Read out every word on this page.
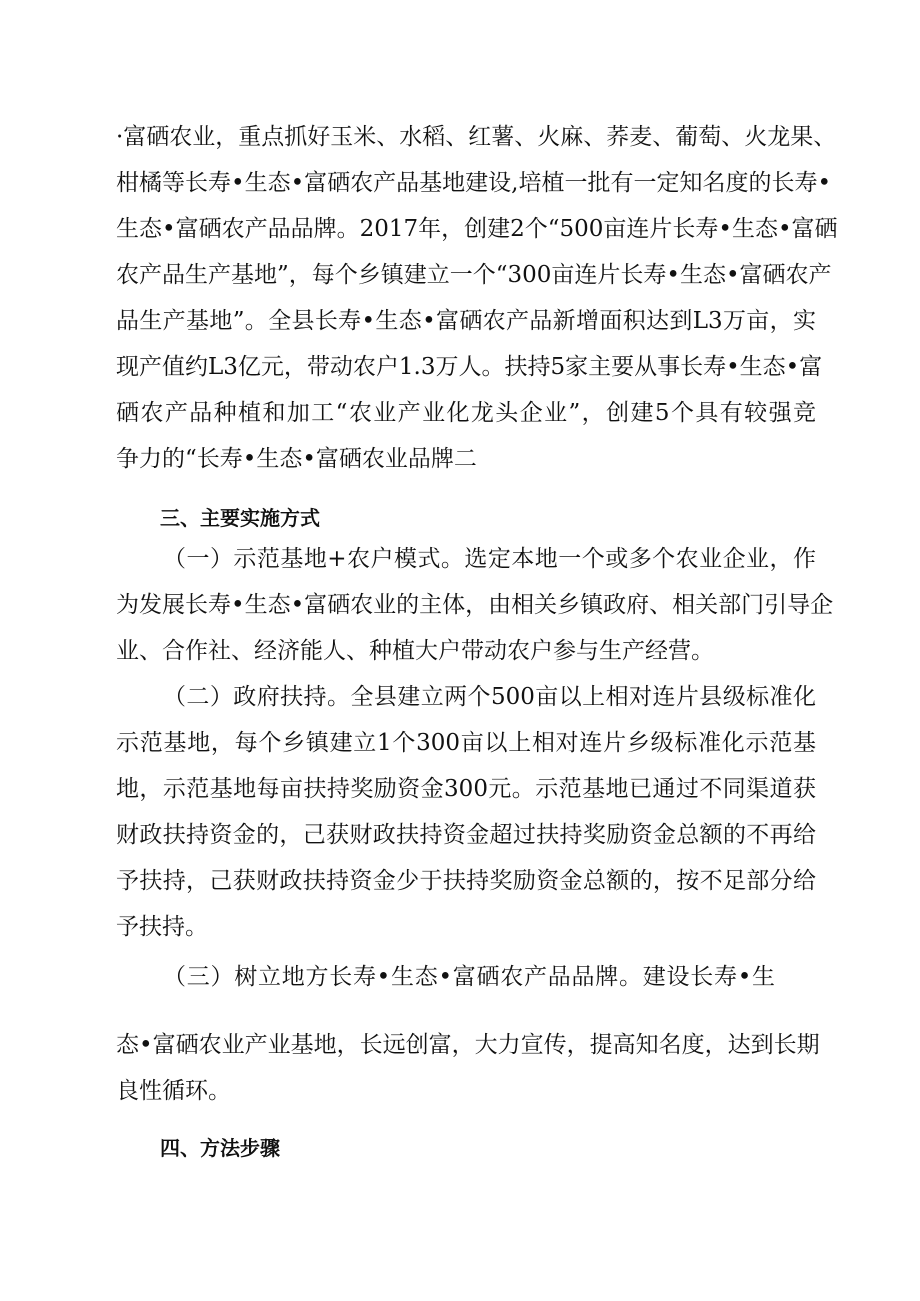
·富硒农业，重点抓好玉米、水稻、红薯、火麻、荞麦、葡萄、火龙果、
柑橘等长寿•生态•富硒农产品基地建设,培植一批有一定知名度的长寿•
生态•富硒农产品品牌。2017年，创建2个“500亩连片长寿•生态•富硒
农产品生产基地”，每个乡镇建立一个“300亩连片长寿•生态•富硒农产
品生产基地”。全县长寿•生态•富硒农产品新增面积达到L3万亩，实
现产值约L3亿元，带动农户1.3万人。扶持5家主要从事长寿•生态•富
硒农产品种植和加工“农业产业化龙头企业”，创建5个具有较强竞
争力的“长寿•生态•富硒农业品牌二
三、主要实施方式
（一）示范基地+农户模式。选定本地一个或多个农业企业，作
为发展长寿•生态•富硒农业的主体，由相关乡镇政府、相关部门引导企
业、合作社、经济能人、种植大户带动农户参与生产经营。
（二）政府扶持。全县建立两个500亩以上相对连片县级标准化
示范基地，每个乡镇建立1个300亩以上相对连片乡级标准化示范基
地，示范基地每亩扶持奖励资金300元。示范基地已通过不同渠道获
财政扶持资金的，己获财政扶持资金超过扶持奖励资金总额的不再给
予扶持，己获财政扶持资金少于扶持奖励资金总额的，按不足部分给
予扶持。
（三）树立地方长寿•生态•富硒农产品品牌。建设长寿•生
态•富硒农业产业基地，长远创富，大力宣传，提高知名度，达到长期
良性循环。
四、方法步骤
